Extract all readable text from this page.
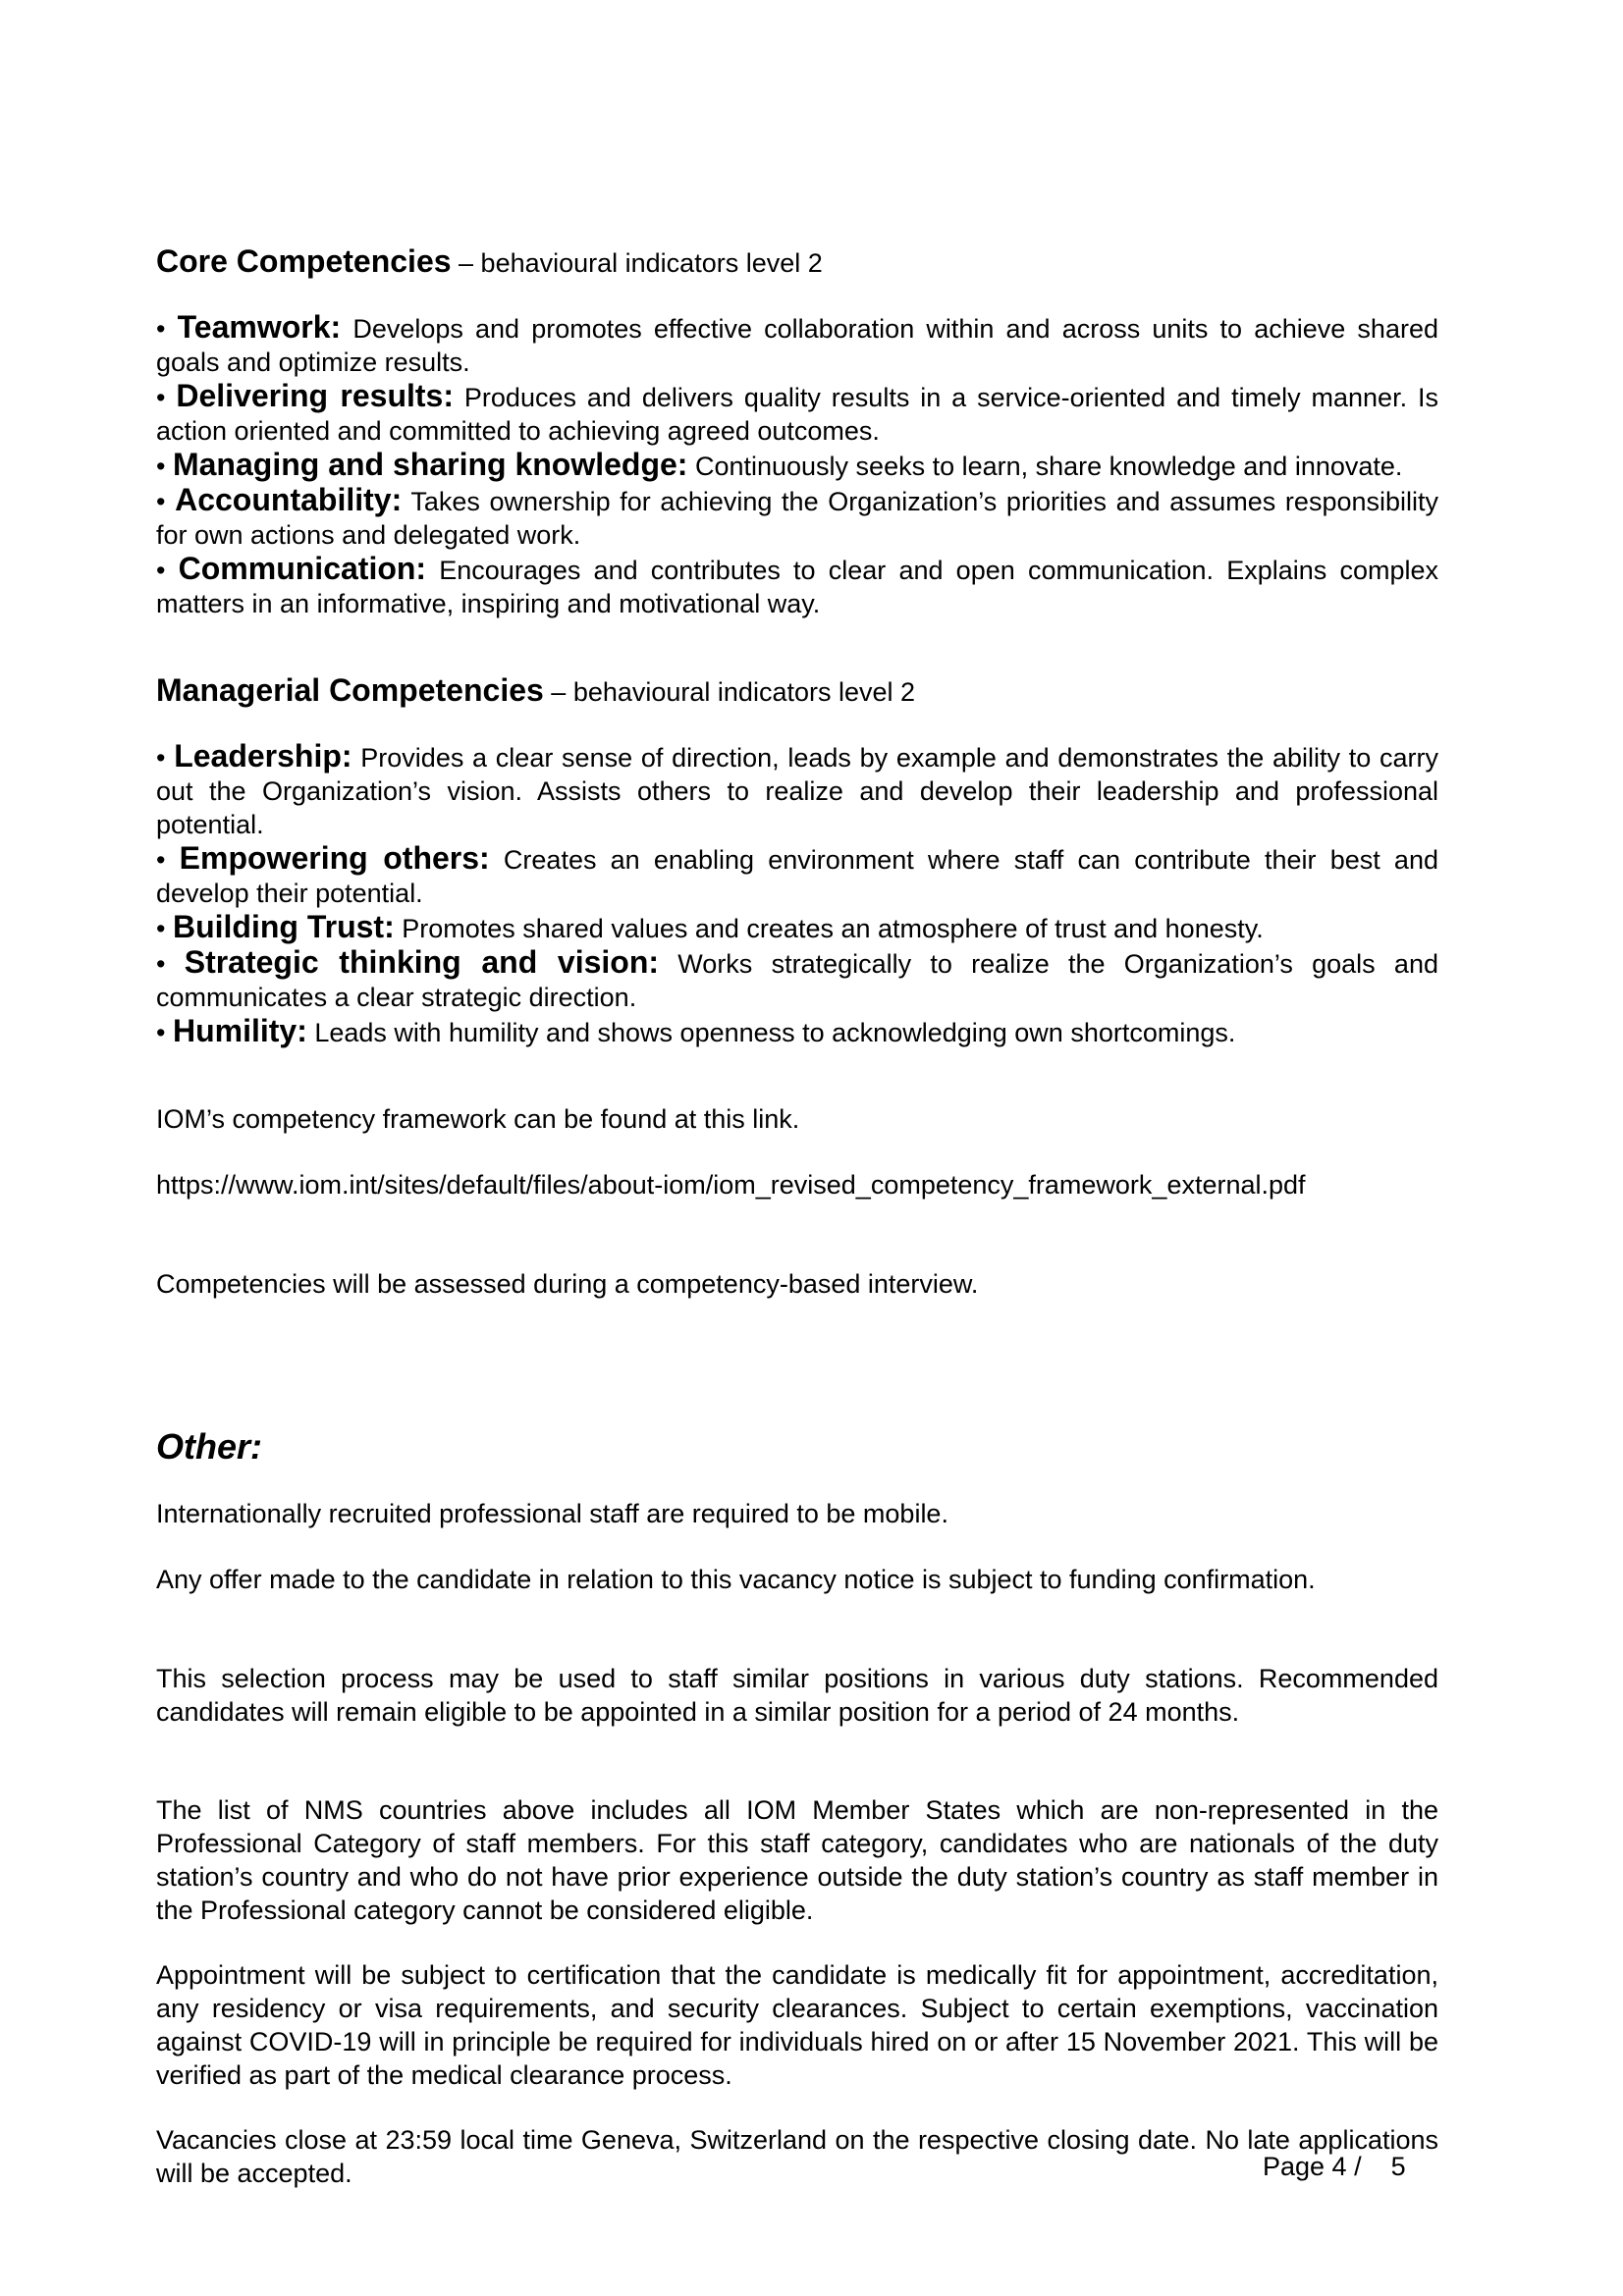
Core Competencies – behavioural indicators level 2
• Teamwork: Develops and promotes effective collaboration within and across units to achieve shared goals and optimize results.
• Delivering results: Produces and delivers quality results in a service-oriented and timely manner. Is action oriented and committed to achieving agreed outcomes.
• Managing and sharing knowledge: Continuously seeks to learn, share knowledge and innovate.
• Accountability: Takes ownership for achieving the Organization’s priorities and assumes responsibility for own actions and delegated work.
• Communication: Encourages and contributes to clear and open communication. Explains complex matters in an informative, inspiring and motivational way.
Managerial Competencies – behavioural indicators level 2
• Leadership: Provides a clear sense of direction, leads by example and demonstrates the ability to carry out the Organization’s vision. Assists others to realize and develop their leadership and professional potential.
• Empowering others: Creates an enabling environment where staff can contribute their best and develop their potential.
• Building Trust: Promotes shared values and creates an atmosphere of trust and honesty.
• Strategic thinking and vision: Works strategically to realize the Organization’s goals and communicates a clear strategic direction.
• Humility: Leads with humility and shows openness to acknowledging own shortcomings.

IOM’s competency framework can be found at this link.

https://www.iom.int/sites/default/files/about-iom/iom_revised_competency_framework_external.pdf

Competencies will be assessed during a competency-based interview.

Other:

Internationally recruited professional staff are required to be mobile.

Any offer made to the candidate in relation to this vacancy notice is subject to funding confirmation.

This selection process may be used to staff similar positions in various duty stations. Recommended candidates will remain eligible to be appointed in a similar position for a period of 24 months.

The list of NMS countries above includes all IOM Member States which are non-represented in the Professional Category of staff members. For this staff category, candidates who are nationals of the duty station’s country and who do not have prior experience outside the duty station’s country as staff member in the Professional category cannot be considered eligible.

Appointment will be subject to certification that the candidate is medically fit for appointment, accreditation, any residency or visa requirements, and security clearances. Subject to certain exemptions, vaccination against COVID-19 will in principle be required for individuals hired on or after 15 November 2021. This will be verified as part of the medical clearance process.

Vacancies close at 23:59 local time Geneva, Switzerland on the respective closing date. No late applications will be accepted.	Page 4 /    5
